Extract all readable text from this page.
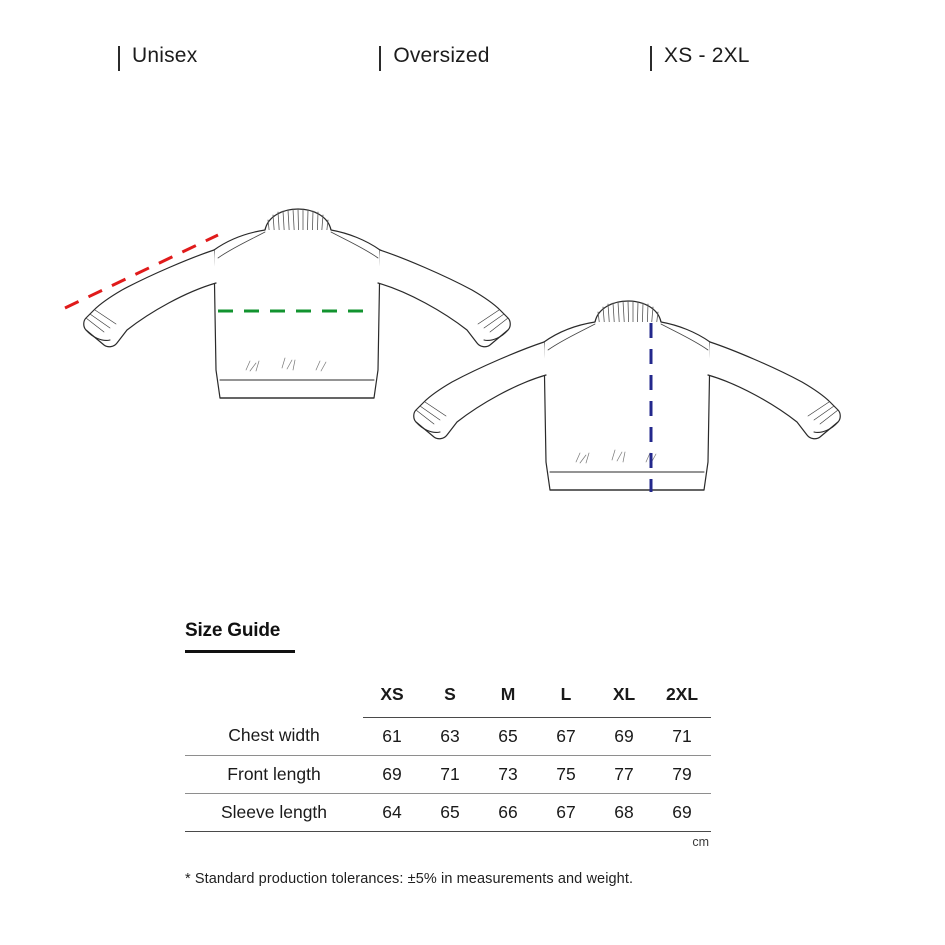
Unisex	Oversized	XS - 2XL
Size Guide
	XS	S	M	L	XL	2XL
Chest width	61	63	65	67	69	71
Front length	69	71	73	75	77	79
Sleeve length	64	65	66	67	68	69
cm
* Standard production tolerances: ±5% in measurements and weight.
